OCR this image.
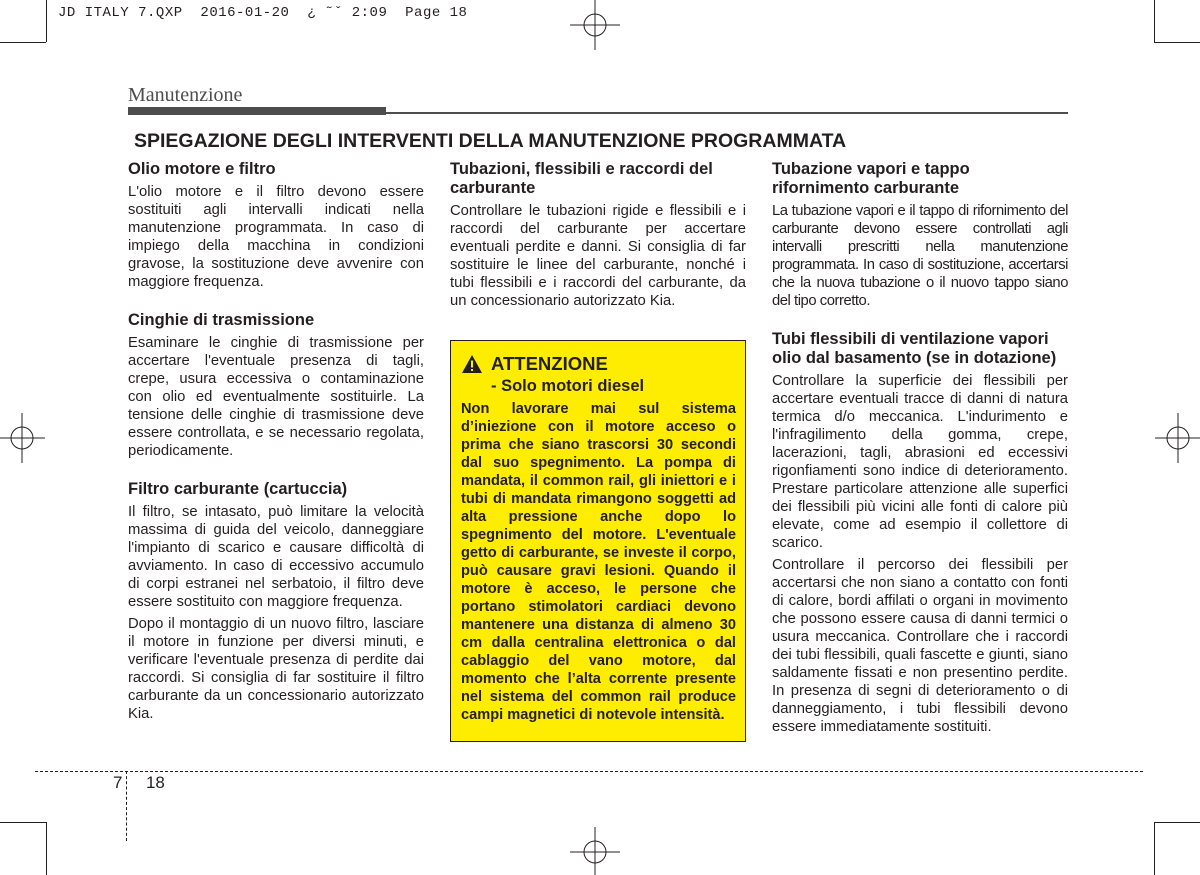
JD ITALY 7.QXP  2016-01-20  ¿ ˜ˇ 2:09  Page 18
Manutenzione
SPIEGAZIONE DEGLI INTERVENTI DELLA MANUTENZIONE PROGRAMMATA
Olio motore e filtro

L'olio motore e il filtro devono essere sostituiti agli intervalli indicati nella manutenzione programmata. In caso di impiego della macchina in condizioni gravose, la sostituzione deve avvenire con maggiore frequenza.

Cinghie di trasmissione

Esaminare le cinghie di trasmissione per accertare l'eventuale presenza di tagli, crepe, usura eccessiva o contaminazione con olio ed eventualmente sostituirle. La tensione delle cinghie di trasmissione deve essere controllata, e se necessario regolata, periodicamente.

Filtro carburante (cartuccia)

Il filtro, se intasato, può limitare la velocità massima di guida del veicolo, danneggiare l'impianto di scarico e causare difficoltà di avviamento. In caso di eccessivo accumulo di corpi estranei nel serbatoio, il filtro deve essere sostituito con maggiore frequenza.

Dopo il montaggio di un nuovo filtro, lasciare il motore in funzione per diversi minuti, e verificare l'eventuale presenza di perdite dai raccordi. Si consiglia di far sostituire il filtro carburante da un concessionario autorizzato Kia.

Tubazioni, flessibili e raccordi del carburante

Controllare le tubazioni rigide e flessibili e i raccordi del carburante per accertare eventuali perdite e danni. Si consiglia di far sostituire le linee del carburante, nonché i tubi flessibili e i raccordi del carburante, da un concessionario autorizzato Kia.

ATTENZIONE
- Solo motori diesel

Non lavorare mai sul sistema d’iniezione con il motore acceso o prima che siano trascorsi 30 secondi dal suo spegnimento. La pompa di mandata, il common rail, gli iniettori e i tubi di mandata rimangono soggetti ad alta pressione anche dopo lo spegnimento del motore. L'eventuale getto di carburante, se investe il corpo, può causare gravi lesioni. Quando il motore è acceso, le persone che portano stimolatori cardiaci devono mantenere una distanza di almeno 30 cm dalla centralina elettronica o dal cablaggio del vano motore, dal momento che l’alta corrente presente nel sistema del common rail produce campi magnetici di notevole intensità.

Tubazione vapori e tappo rifornimento carburante

La tubazione vapori e il tappo di rifornimento del carburante devono essere controllati agli intervalli prescritti nella manutenzione programmata. In caso di sostituzione, accertarsi che la nuova tubazione o il nuovo tappo siano del tipo corretto.

Tubi flessibili di ventilazione vapori olio dal basamento (se in dotazione)

Controllare la superficie dei flessibili per accertare eventuali tracce di danni di natura termica d/o meccanica. L'indurimento e l'infragilimento della gomma, crepe, lacerazioni, tagli, abrasioni ed eccessivi rigonfiamenti sono indice di deterioramento. Prestare particolare attenzione alle superfici dei flessibili più vicini alle fonti di calore più elevate, come ad esempio il collettore di scarico.

Controllare il percorso dei flessibili per accertarsi che non siano a contatto con fonti di calore, bordi affilati o organi in movimento che possono essere causa di danni termici o usura meccanica. Controllare che i raccordi dei tubi flessibili, quali fascette e giunti, siano saldamente fissati e non presentino perdite. In presenza di segni di deterioramento o di danneggiamento, i tubi flessibili devono essere immediatamente sostituiti.

7 18
